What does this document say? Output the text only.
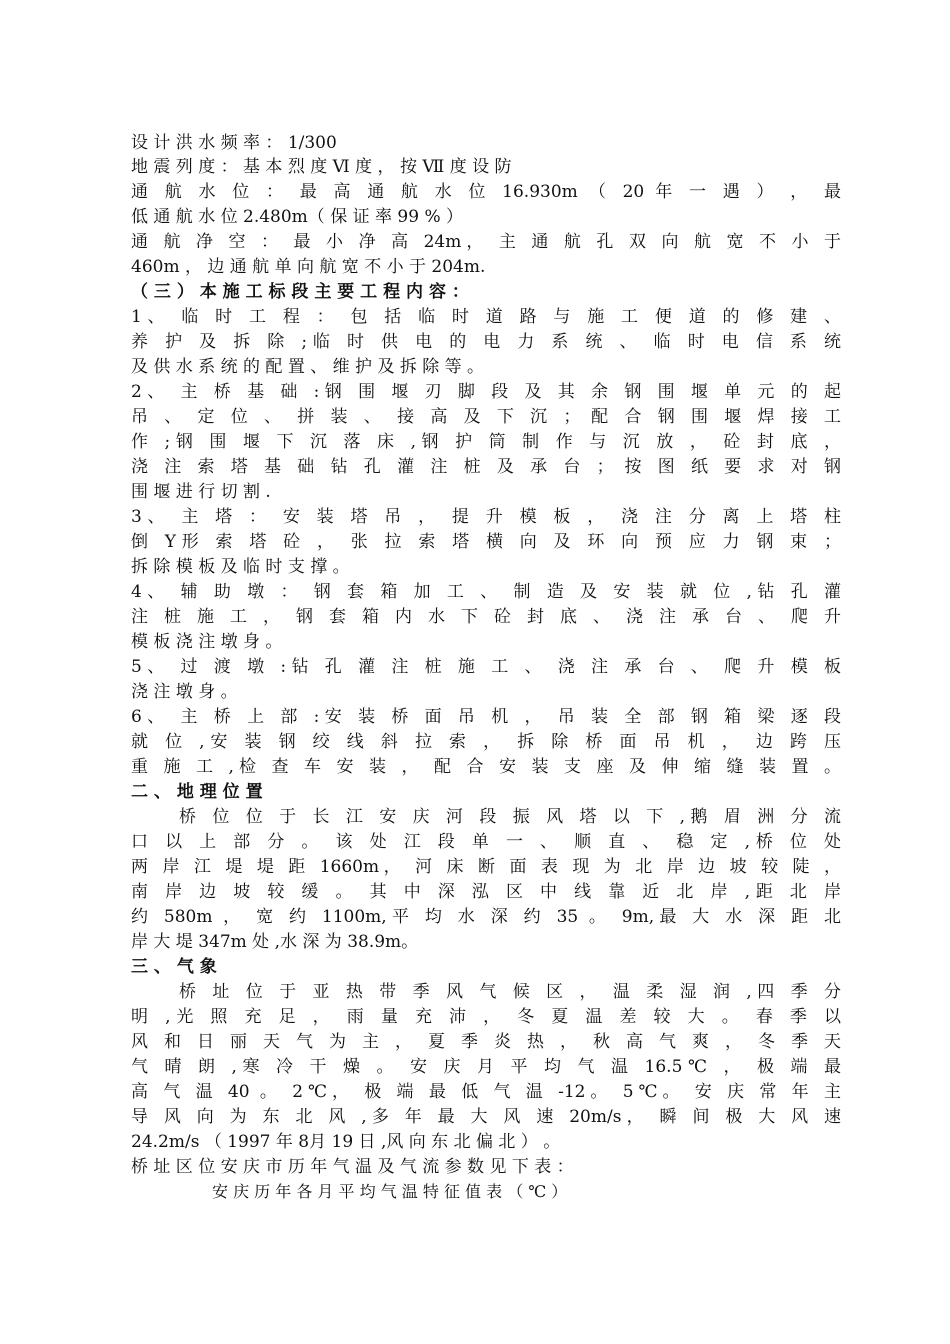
设 计 洪 水 频 率 ： 1/300
地 震 列 度 ： 基 本 烈 度 Ⅵ 度 ， 按 Ⅶ 度 设 防
通 航 水 位 ： 最 高 通 航 水 位 16.930m （ 20 年 一 遇 ） ， 最
低 通 航 水 位 2.480m（ 保 证 率 99 % ）
通 航 净 空 ： 最 小 净 高 24m， 主 通 航 孔 双 向 航 宽 不 小 于
460m ， 边 通 航 单 向 航 宽 不 小 于 204m.
（ 三 ） 本 施 工 标 段 主 要 工 程 内 容 ：
1、 临 时 工 程 ： 包 括 临 时 道 路 与 施 工 便 道 的 修 建 、
养 护 及 拆 除 ;临 时 供 电 的 电 力 系 统 、 临 时 电 信 系 统
及 供 水 系 统 的 配 置 、 维 护 及 拆 除 等 。
2、 主 桥 基 础 :钢 围 堰 刃 脚 段 及 其 余 钢 围 堰 单 元 的 起
吊 、 定 位 、 拼 装 、 接 高 及 下 沉 ； 配 合 钢 围 堰 焊 接 工
作 ;钢 围 堰 下 沉 落 床 ,钢 护 筒 制 作 与 沉 放 ， 砼 封 底 ，
浇 注 索 塔 基 础 钻 孔 灌 注 桩 及 承 台 ； 按 图 纸 要 求 对 钢
围 堰 进 行 切 割 .
3、 主 塔 ： 安 装 塔 吊 ， 提 升 模 板 ， 浇 注 分 离 上 塔 柱
倒 Y形 索 塔 砼 ， 张 拉 索 塔 横 向 及 环 向 预 应 力 钢 束 ；
拆 除 模 板 及 临 时 支 撑 。
4、 辅 助 墩 ： 钢 套 箱 加 工 、 制 造 及 安 装 就 位 ,钻 孔 灌
注 桩 施 工 ， 钢 套 箱 内 水 下 砼 封 底 、 浇 注 承 台 、 爬 升
模 板 浇 注 墩 身 。
5、 过 渡 墩 :钻 孔 灌 注 桩 施 工 、 浇 注 承 台 、 爬 升 模 板
浇 注 墩 身 。
6、 主 桥 上 部 :安 装 桥 面 吊 机 ， 吊 装 全 部 钢 箱 梁 逐 段
就 位 ,安 装 钢 绞 线 斜 拉 索 ， 拆 除 桥 面 吊 机 ， 边 跨 压
重 施 工 ,检 查 车 安 装 ， 配 合 安 装 支 座 及 伸 缩 缝 装 置 。
二 、 地 理 位 置
桥 位 位 于 长 江 安 庆 河 段 振 风 塔 以 下 ,鹅 眉 洲 分 流
口 以 上 部 分 。 该 处 江 段 单 一 、 顺 直 、 稳 定 ,桥 位 处
两 岸 江 堤 堤 距 1660m， 河 床 断 面 表 现 为 北 岸 边 坡 较 陡 ，
南 岸 边 坡 较 缓 。 其 中 深 泓 区 中 线 靠 近 北 岸 ,距 北 岸
约 580m ， 宽 约 1100m,平 均 水 深 约 35 。 9m,最 大 水 深 距 北
岸 大 堤 347m 处 ,水 深 为 38.9m。
三 、 气 象
桥 址 位 于 亚 热 带 季 风 气 候 区 ， 温 柔 湿 润 ,四 季 分
明 ,光 照 充 足 ， 雨 量 充 沛 ， 冬 夏 温 差 较 大 。 春 季 以
风 和 日 丽 天 气 为 主 ， 夏 季 炎 热 ， 秋 高 气 爽 ， 冬 季 天
气 晴 朗 ,寒 冷 干 燥 。 安 庆 月 平 均 气 温 16.5℃ ， 极 端 最
高 气 温 40 。 2℃， 极 端 最 低 气 温 -12。 5℃。 安 庆 常 年 主
导 风 向 为 东 北 风 ,多 年 最 大 风 速 20m/s， 瞬 间 极 大 风 速
24.2m/s （ 1997 年 8月 19 日 ,风 向 东 北 偏 北 ） 。
桥 址 区 位 安 庆 市 历 年 气 温 及 气 流 参 数 见 下 表 ：
安 庆 历 年 各 月 平 均 气 温 特 征 值 表 （ ℃ ）
